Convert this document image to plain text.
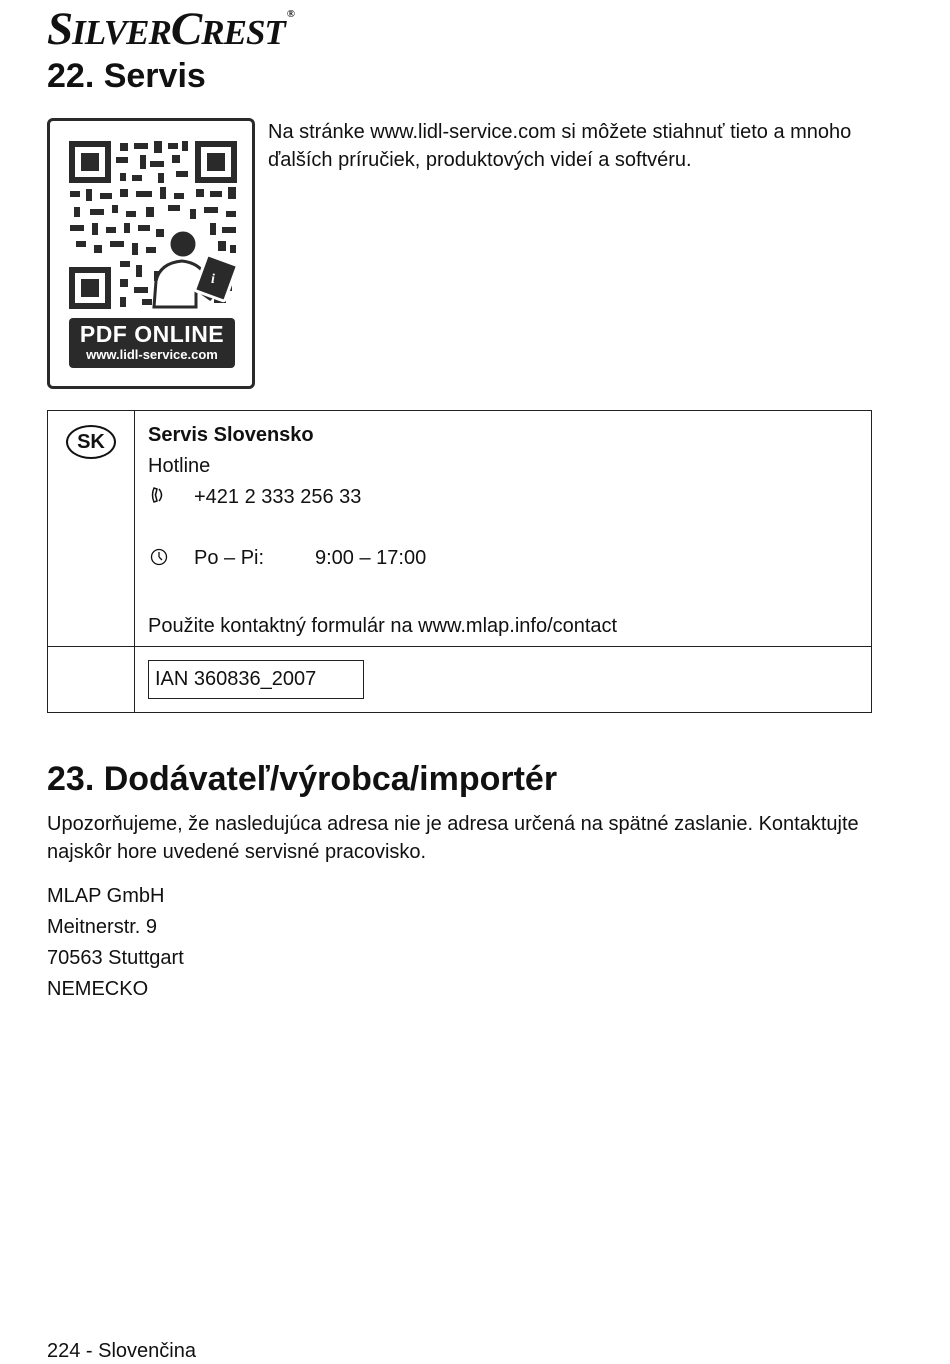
SILVERCREST ®
22. Servis
i
PDF ONLINE
www.lidl-service.com
Na stránke www.lidl-service.com si môžete stiahnuť tieto a mnoho ďalších príručiek, produktových videí a softvéru.
SK	Servis Slovensko
Hotline
+421 2 333 256 33
Po – Pi:	9:00 – 17:00
Použite kontaktný formulár na www.mlap.info/contact
IAN 360836_2007
23. Dodávateľ/výrobca/importér
Upozorňujeme, že nasledujúca adresa nie je adresa určená na spätné zaslanie. Kontaktujte najskôr hore uvedené servisné pracovisko.
MLAP GmbH
Meitnerstr. 9
70563 Stuttgart
NEMECKO
224 - Slovenčina
